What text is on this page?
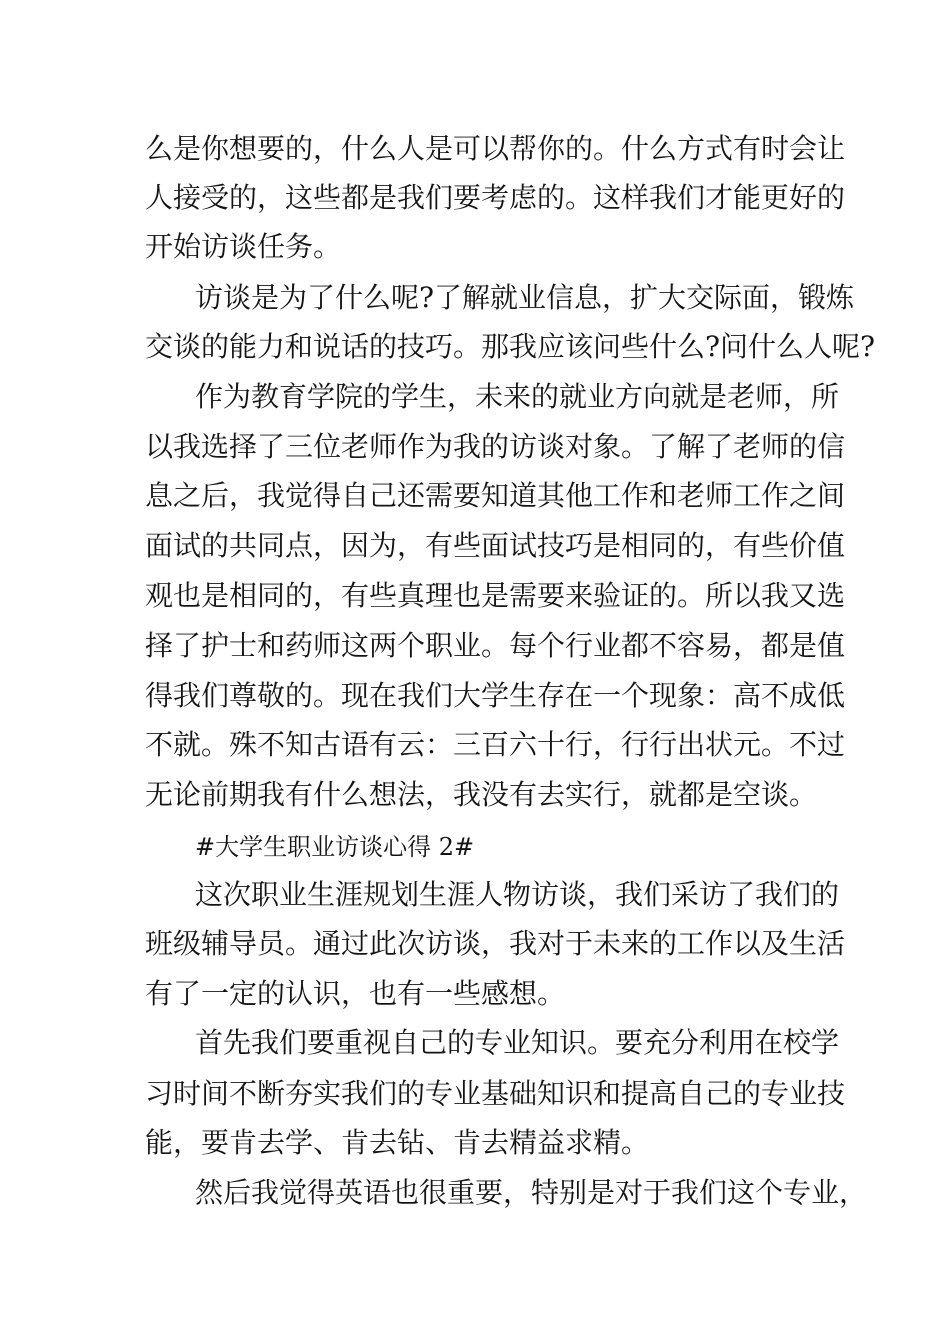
么是你想要的，什么人是可以帮你的。什么方式有时会让
人接受的，这些都是我们要考虑的。这样我们才能更好的
开始访谈任务。
访谈是为了什么呢?了解就业信息，扩大交际面，锻炼
交谈的能力和说话的技巧。那我应该问些什么?问什么人呢?
作为教育学院的学生，未来的就业方向就是老师，所
以我选择了三位老师作为我的访谈对象。了解了老师的信
息之后，我觉得自己还需要知道其他工作和老师工作之间
面试的共同点，因为，有些面试技巧是相同的，有些价值
观也是相同的，有些真理也是需要来验证的。所以我又选
择了护士和药师这两个职业。每个行业都不容易，都是值
得我们尊敬的。现在我们大学生存在一个现象：高不成低
不就。殊不知古语有云：三百六十行，行行出状元。不过
无论前期我有什么想法，我没有去实行，就都是空谈。
#大学生职业访谈心得 2#
这次职业生涯规划生涯人物访谈，我们采访了我们的
班级辅导员。通过此次访谈，我对于未来的工作以及生活
有了一定的认识，也有一些感想。
首先我们要重视自己的专业知识。要充分利用在校学
习时间不断夯实我们的专业基础知识和提高自己的专业技
能，要肯去学、肯去钻、肯去精益求精。
然后我觉得英语也很重要，特别是对于我们这个专业，
